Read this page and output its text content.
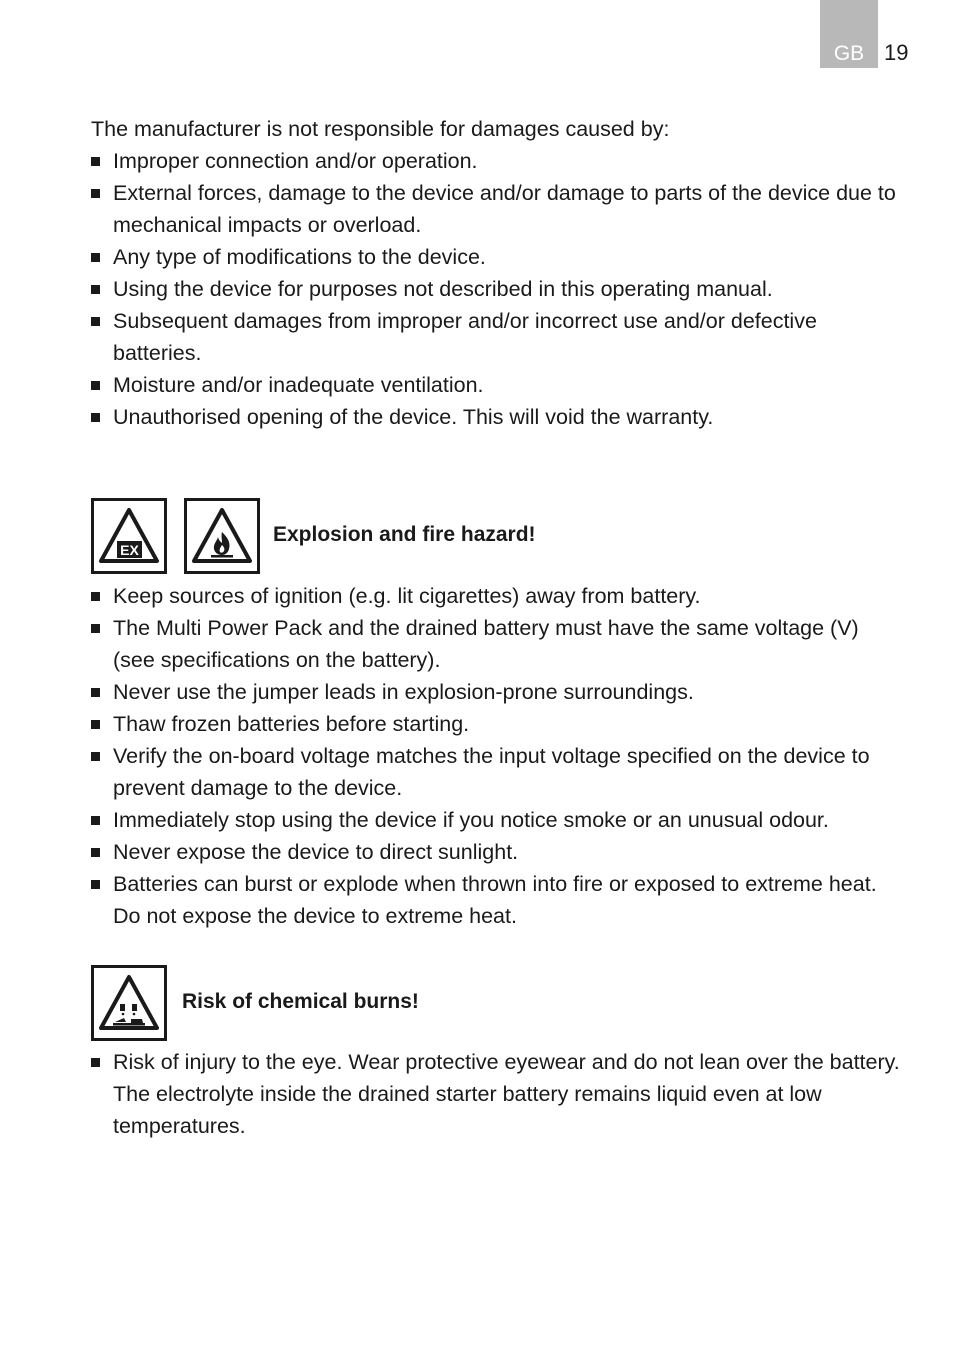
GB 19

The manufacturer is not responsible for damages caused by:

Improper connection and/or operation.
External forces, damage to the device and/or damage to parts of the device due to mechanical impacts or overload.
Any type of modifications to the device.
Using the device for purposes not described in this operating manual.
Subsequent damages from improper and/or incorrect use and/or defective batteries.
Moisture and/or inadequate ventilation.
Unauthorised opening of the device. This will void the warranty.
EX
Explosion and fire hazard!
Keep sources of ignition (e.g. lit cigarettes) away from battery.
The Multi Power Pack and the drained battery must have the same voltage (V) (see specifications on the battery).
Never use the jumper leads in explosion-prone surroundings.
Thaw frozen batteries before starting.
Verify the on-board voltage matches the input voltage specified on the device to prevent damage to the device.
Immediately stop using the device if you notice smoke or an unusual odour.
Never expose the device to direct sunlight.
Batteries can burst or explode when thrown into fire or exposed to extreme heat. Do not expose the device to extreme heat.
Risk of chemical burns!
Risk of injury to the eye. Wear protective eyewear and do not lean over the battery. The electrolyte inside the drained starter battery remains liquid even at low temperatures.
